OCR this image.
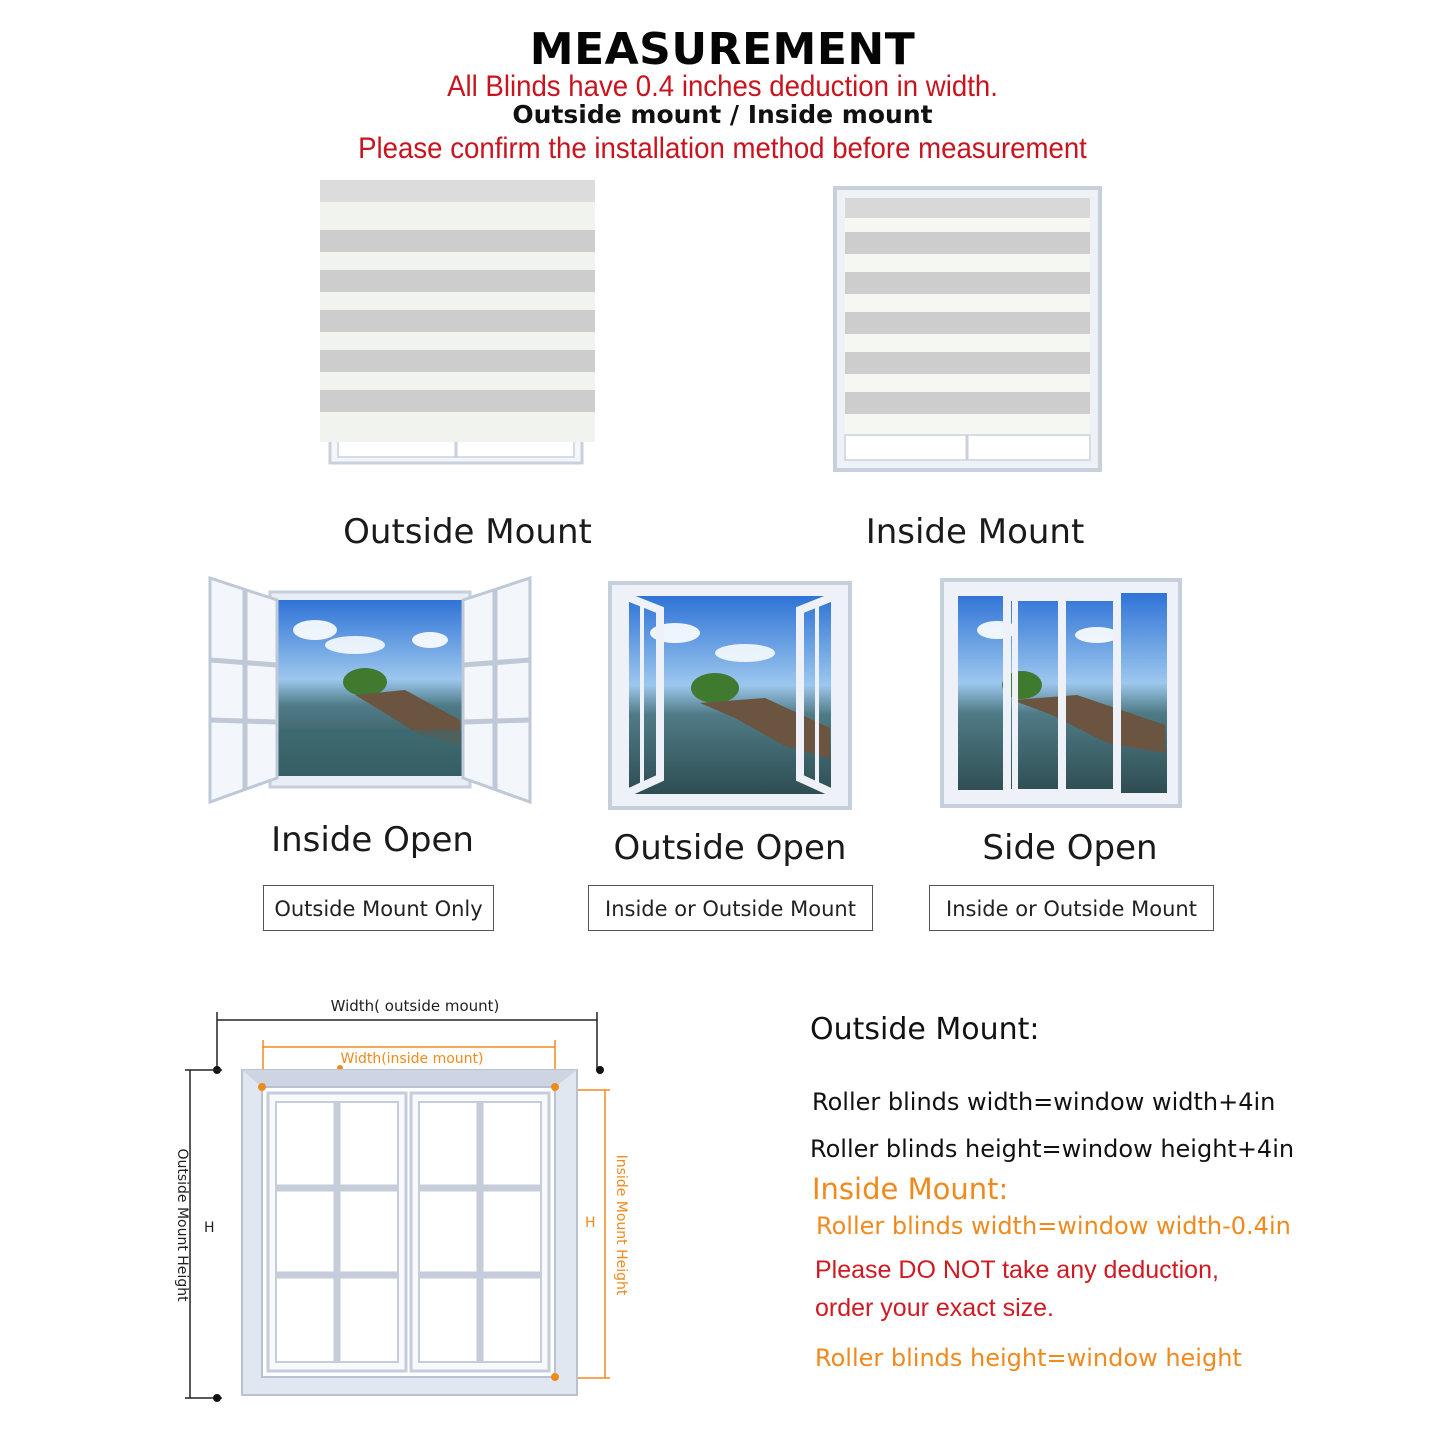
MEASUREMENT
All Blinds have 0.4 inches deduction in width.
Outside mount / Inside mount
Please confirm the installation method before measurement
Outside Mount	Inside Mount
Inside Open	Outside Open	Side Open
Outside Mount Only	Inside or Outside Mount	Inside or Outside Mount
Width( outside mount)
Width(inside mount)
Outside Mount Height H	Inside Mount Height
H
Outside Mount:
Roller blinds width=window width+4in
Roller blinds height=window height+4in
Inside Mount:
Roller blinds width=window width-0.4in
Please DO NOT take any deduction,
order your exact size.
Roller blinds height=window height
